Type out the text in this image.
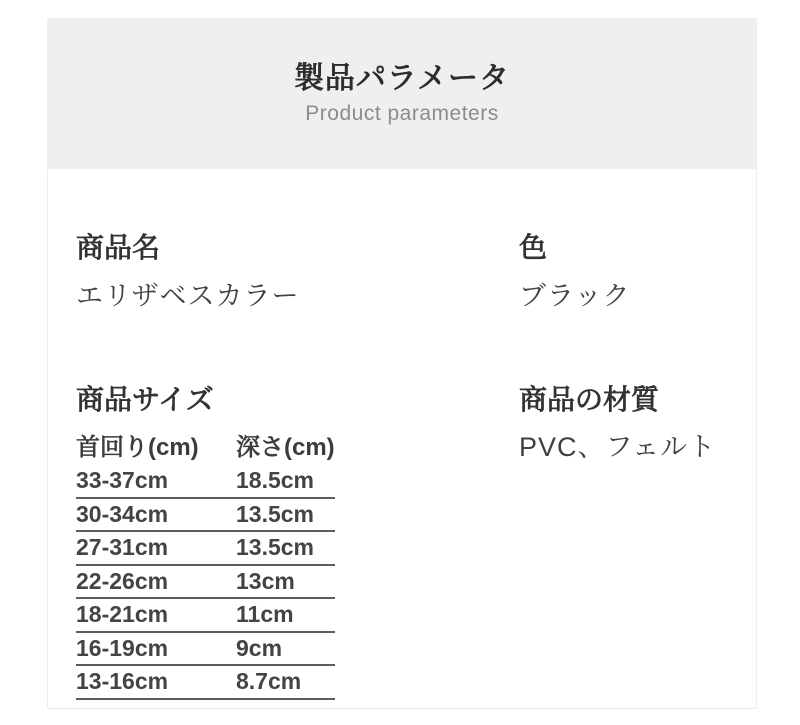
製品パラメータ
Product parameters
商品名
エリザベスカラー
色
ブラック
商品サイズ	商品の材質
PVC、フェルト
首回り(cm)	深さ(cm)
33-37cm	18.5cm
30-34cm	13.5cm
27-31cm	13.5cm
22-26cm	13cm
18-21cm	11cm
16-19cm	9cm
13-16cm	8.7cm
